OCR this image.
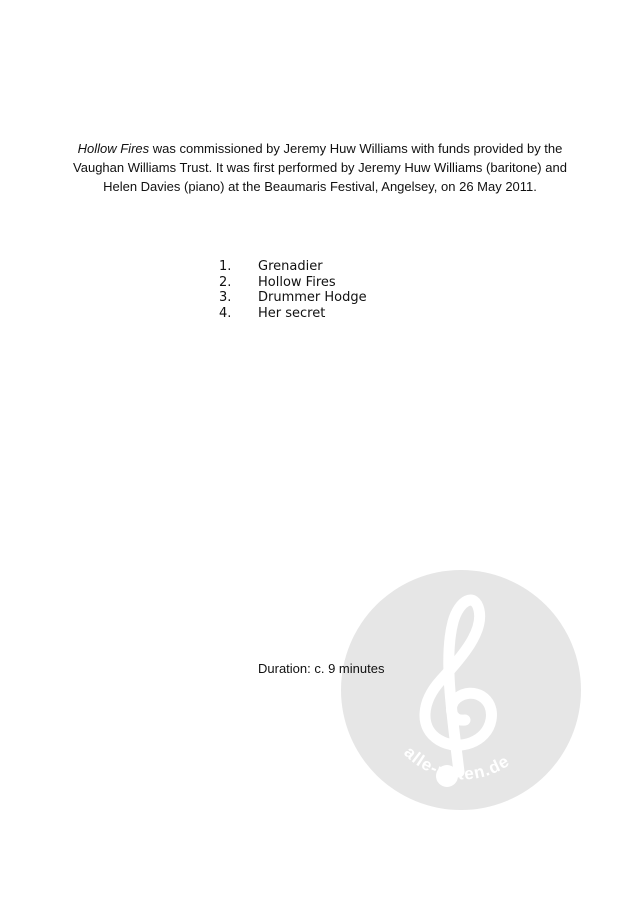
Hollow Fires was commissioned by Jeremy Huw Williams with funds provided by the
Vaughan Williams Trust. It was first performed by Jeremy Huw Williams (baritone) and
Helen Davies (piano) at the Beaumaris Festival, Angelsey, on 26 May 2011.
1.	Grenadier
2.	Hollow Fires
3.	Drummer Hodge
4.	Her secret
alle-noten.de
Duration: c. 9 minutes
